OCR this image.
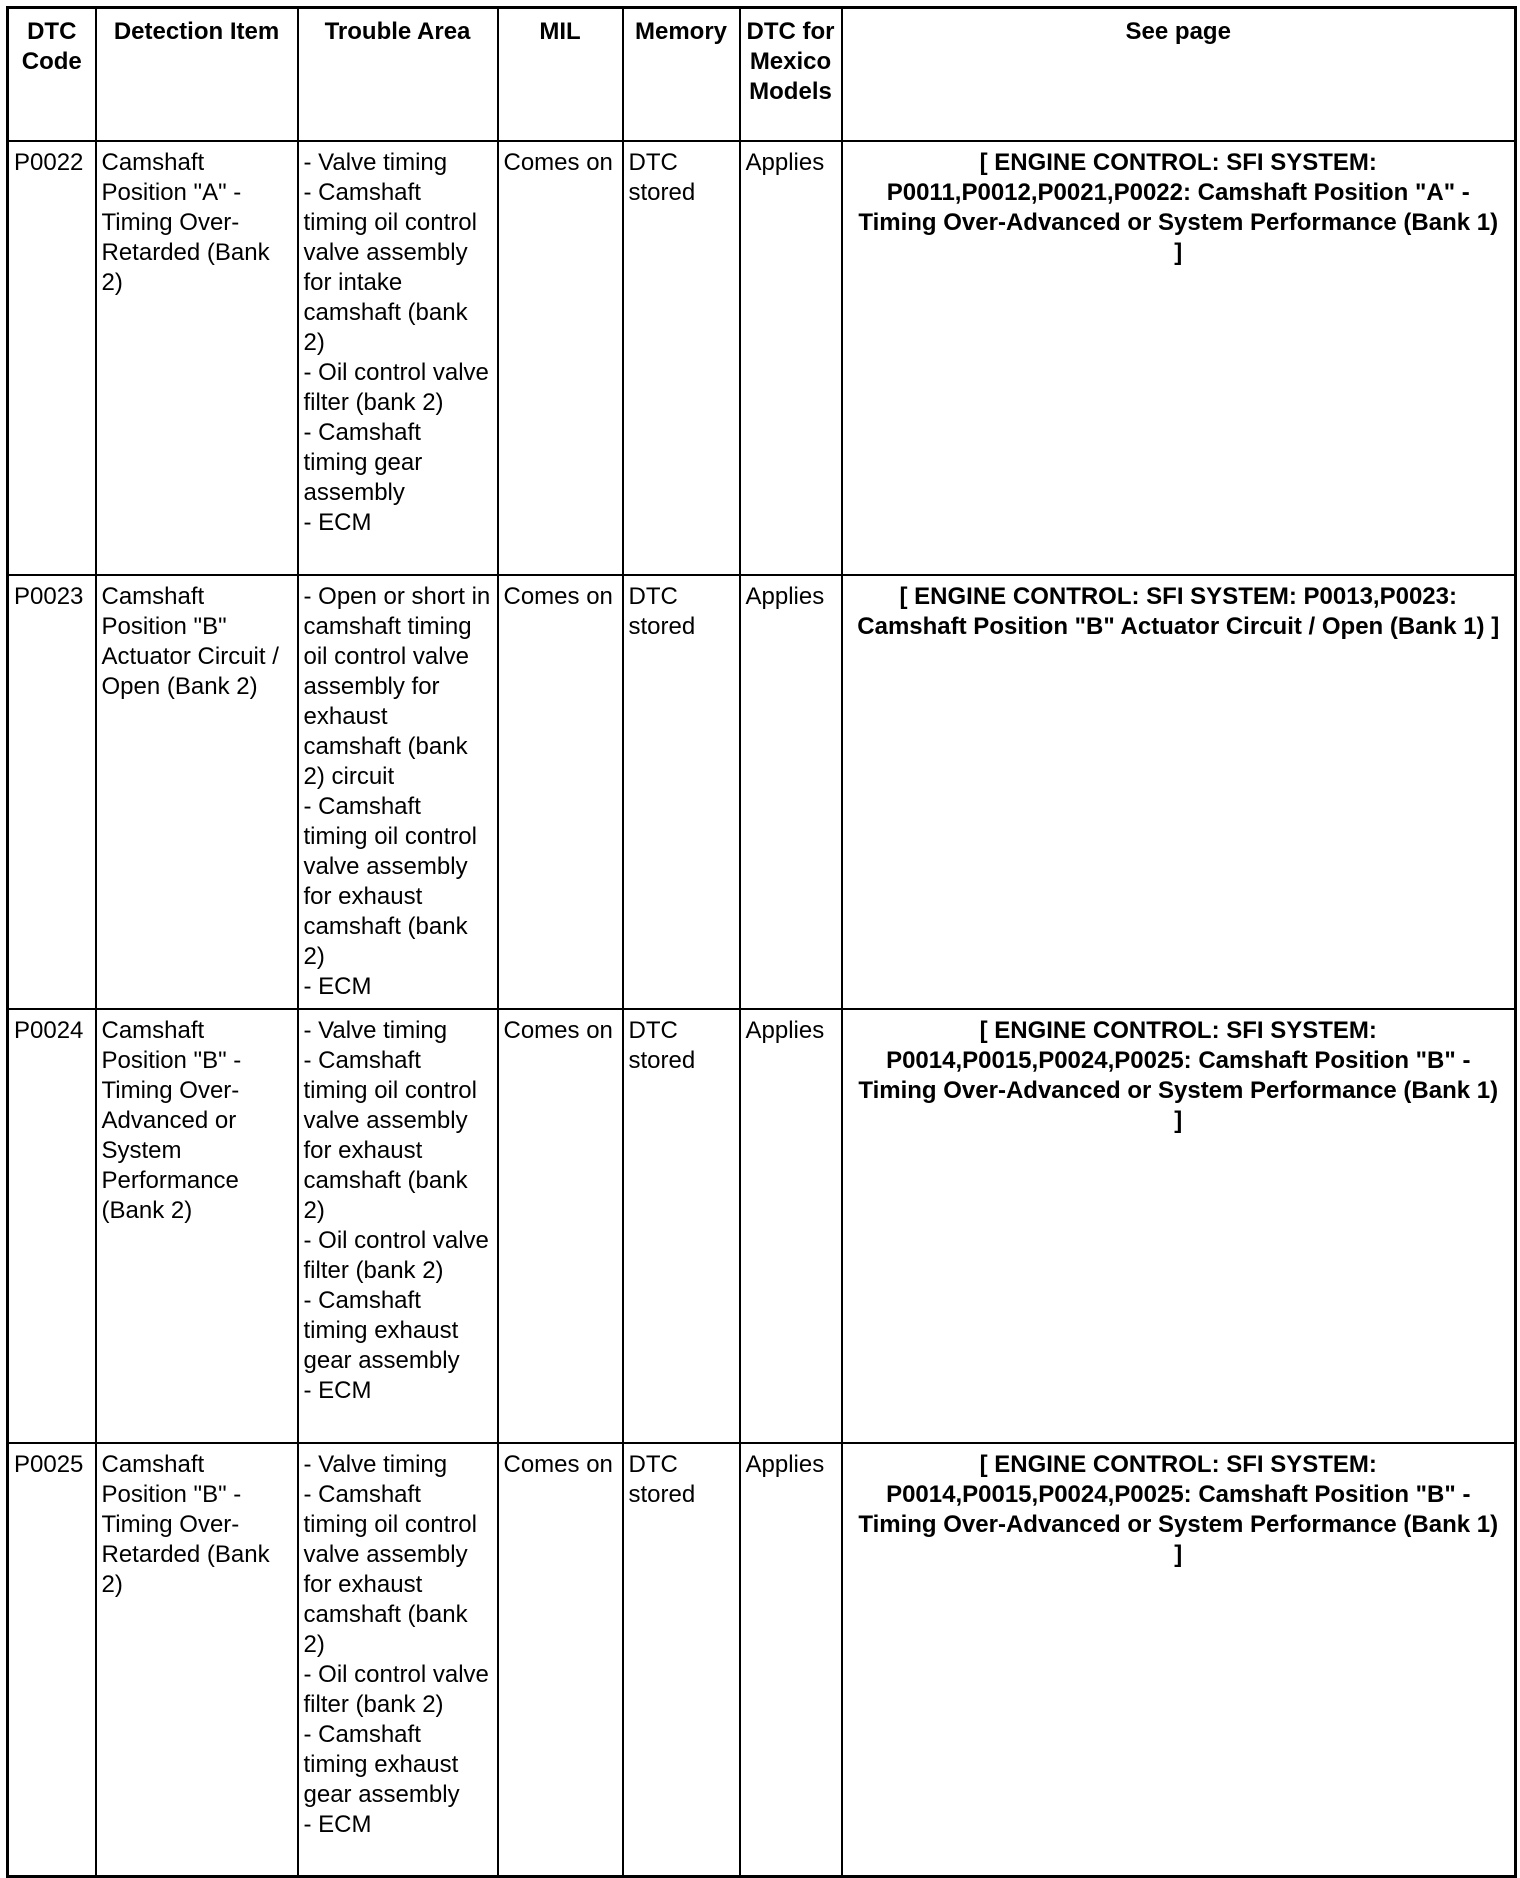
DTC Code	Detection Item	Trouble Area	MIL	Memory	DTC for Mexico Models	See page
P0022	Camshaft Position "A" - Timing Over-Retarded (Bank 2)	- Valve timing
- Camshaft timing oil control valve assembly for intake camshaft (bank 2)
- Oil control valve filter (bank 2)
- Camshaft timing gear assembly
- ECM	Comes on	DTC stored	Applies	[ ENGINE CONTROL: SFI SYSTEM: P0011,P0012,P0021,P0022: Camshaft Position "A" - Timing Over-Advanced or System Performance (Bank 1) ]
P0023	Camshaft Position "B" Actuator Circuit / Open (Bank 2)	- Open or short in camshaft timing oil control valve assembly for exhaust camshaft (bank 2) circuit
- Camshaft timing oil control valve assembly for exhaust camshaft (bank 2)
- ECM	Comes on	DTC stored	Applies	[ ENGINE CONTROL: SFI SYSTEM: P0013,P0023: Camshaft Position "B" Actuator Circuit / Open (Bank 1) ]
P0024	Camshaft Position "B" - Timing Over-Advanced or System Performance (Bank 2)	- Valve timing
- Camshaft timing oil control valve assembly for exhaust camshaft (bank 2)
- Oil control valve filter (bank 2)
- Camshaft timing exhaust gear assembly
- ECM	Comes on	DTC stored	Applies	[ ENGINE CONTROL: SFI SYSTEM: P0014,P0015,P0024,P0025: Camshaft Position "B" - Timing Over-Advanced or System Performance (Bank 1) ]
P0025	Camshaft Position "B" - Timing Over-Retarded (Bank 2)	- Valve timing
- Camshaft timing oil control valve assembly for exhaust camshaft (bank 2)
- Oil control valve filter (bank 2)
- Camshaft timing exhaust gear assembly
- ECM	Comes on	DTC stored	Applies	[ ENGINE CONTROL: SFI SYSTEM: P0014,P0015,P0024,P0025: Camshaft Position "B" - Timing Over-Advanced or System Performance (Bank 1) ]
